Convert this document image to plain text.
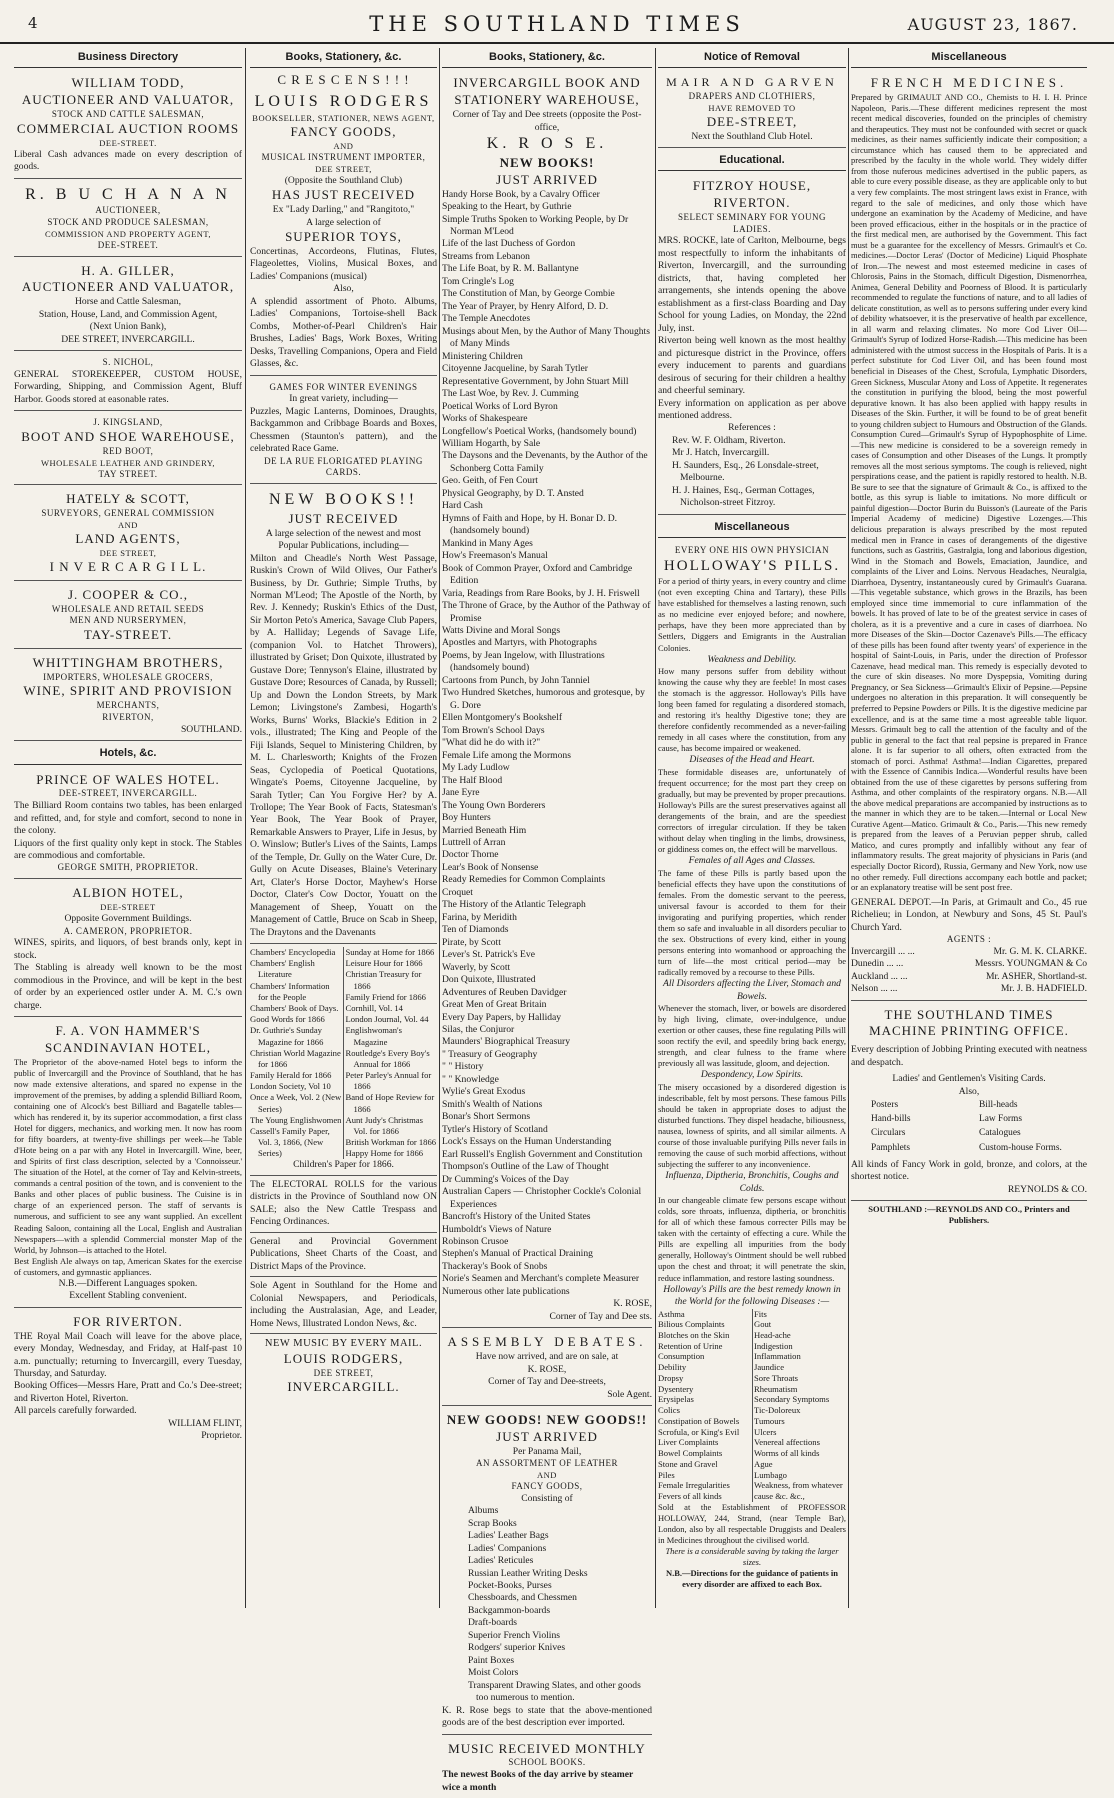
4	THE SOUTHLAND TIMES	AUGUST 23, 1867.
Business Directory
WILLIAM TODD,
AUCTIONEER AND VALUATOR,
STOCK AND CATTLE SALESMAN,
COMMERCIAL AUCTION ROOMS
DEE-STREET.
Liberal Cash advances made on every description of goods.
R. B U C H A N A N
AUCTIONEER,
STOCK AND PRODUCE SALESMAN,
COMMISSION AND PROPERTY AGENT,
DEE-STREET.
H. A. GILLER,
AUCTIONEER AND VALUATOR,
Horse and Cattle Salesman,
Station, House, Land, and Commission Agent,
(Next Union Bank),
DEE STREET, INVERCARGILL.
S. NICHOL,
GENERAL STOREKEEPER, CUSTOM HOUSE, Forwarding, Shipping, and Commission Agent, Bluff Harbor. Goods stored at easonable rates.
J. KINGSLAND,
BOOT AND SHOE WAREHOUSE,
RED BOOT,
WHOLESALE LEATHER AND GRINDERY,
TAY STREET.
HATELY & SCOTT,
SURVEYORS, GENERAL COMMISSION
AND
LAND AGENTS,
DEE STREET,
I N V E R C A R G I L L.
J. COOPER & CO.,
WHOLESALE AND RETAIL SEEDS
MEN AND NURSERYMEN,
TAY-STREET.
WHITTINGHAM BROTHERS,
IMPORTERS, WHOLESALE GROCERS,
WINE, SPIRIT AND PROVISION
MERCHANTS,
RIVERTON,
SOUTHLAND.
Hotels, &c.
PRINCE OF WALES HOTEL.
DEE-STREET, INVERCARGILL.
The Billiard Room contains two tables, has been enlarged and refitted, and, for style and comfort, second to none in the colony.
Liquors of the first quality only kept in stock. The Stables are commodious and comfortable.
GEORGE SMITH, PROPRIETOR.
ALBION HOTEL,
DEE-STREET
Opposite Government Buildings.
A. CAMERON, PROPRIETOR.
WINES, spirits, and liquors, of best brands only, kept in stock.
The Stabling is already well known to be the most commodious in the Province, and will be kept in the best of order by an experienced ostler under A. M. C.'s own charge.
F. A. VON HAMMER'S
SCANDINAVIAN HOTEL,
The Proprietor of the above-named Hotel begs to inform the public of Invercargill and the Province of Southland, that he has now made extensive alterations, and spared no expense in the improvement of the premises, by adding a splendid Billiard Room, containing one of Alcock's best Billiard and Bagatelle tables—which has rendered it, by its superior accommodation, a first class Hotel for diggers, mechanics, and working men. It now has room for fifty boarders, at twenty-five shillings per week—he Table d'Hote being on a par with any Hotel in Invercargill. Wine, beer, and Spirits of first class description, selected by a 'Connoisseur.' The situation of the Hotel, at the corner of Tay and Kelvin-streets, commands a central position of the town, and is convenient to the Banks and other places of public business. The Cuisine is in charge of an experienced person. The staff of servants is numerous, and sufficient to see any want supplied. An excellent Reading Saloon, containing all the Local, English and Australian Newspapers—with a splendid Commercial monster Map of the World, by Johnson—is attached to the Hotel.
Best English Ale always on tap, American Skates for the exercise of customers, and gymnastic appliances.
N.B.—Different Languages spoken.
Excellent Stabling convenient.
FOR RIVERTON.
THE Royal Mail Coach will leave for the above place, every Monday, Wednesday, and Friday, at Half-past 10 a.m. punctually; returning to Invercargill, every Tuesday, Thursday, and Saturday.
Booking Offices—Messrs Hare, Pratt and Co.'s Dee-street; and Riverton Hotel, Riverton.
All parcels carefully forwarded.
WILLIAM FLINT,
Proprietor.
Books, Stationery, &c.
C R E S C E N S ! ! !
LOUIS RODGERS
BOOKSELLER, STATIONER, NEWS AGENT,
FANCY GOODS,
AND
MUSICAL INSTRUMENT IMPORTER,
DEE STREET,
(Opposite the Southland Club)
HAS JUST RECEIVED
Ex "Lady Darling," and "Rangitoto,"
A large selection of
SUPERIOR TOYS,
Concertinas, Accordeons, Flutinas, Flutes, Flageolettes, Violins, Musical Boxes, and Ladies' Companions (musical)
Also,
A splendid assortment of Photo. Albums, Ladies' Companions, Tortoise-shell Back Combs, Mother-of-Pearl Children's Hair Brushes, Ladies' Bags, Work Boxes, Writing Desks, Travelling Companions, Opera and Field Glasses, &c.
GAMES FOR WINTER EVENINGS
In great variety, including—
Puzzles, Magic Lanterns, Dominoes, Draughts, Backgammon and Cribbage Boards and Boxes, Chessmen (Staunton's pattern), and the celebrated Race Game.
DE LA RUE FLORIGATED PLAYING
CARDS.
NEW BOOKS!!
JUST RECEIVED
A large selection of the newest and most Popular Publications, including—
Milton and Cheadle's North West Passage, Ruskin's Crown of Wild Olives, Our Father's Business, by Dr. Guthrie; Simple Truths, by Norman M'Leod; The Apostle of the North, by Rev. J. Kennedy; Ruskin's Ethics of the Dust, Sir Morton Peto's America, Savage Club Papers, by A. Halliday; Legends of Savage Life, (companion Vol. to Hatchet Throwers), illustrated by Griset; Don Quixote, illustrated by Gustave Dore; Tennyson's Elaine, illustrated by Gustave Dore; Resources of Canada, by Russell; Up and Down the London Streets, by Mark Lemon; Livingstone's Zambesi, Hogarth's Works, Burns' Works, Blackie's Edition in 2 vols., illustrated; The King and People of the Fiji Islands, Sequel to Ministering Children, by M. L. Charlesworth; Knights of the Frozen Seas, Cyclopedia of Poetical Quotations, Wingate's Poems, Citoyenne Jacqueline, by Sarah Tytler; Can You Forgive Her? by A. Trollope; The Year Book of Facts, Statesman's Year Book, The Year Book of Prayer, Remarkable Answers to Prayer, Life in Jesus, by O. Winslow; Butler's Lives of the Saints, Lamps of the Temple, Dr. Gully on the Water Cure, Dr. Gully on Acute Diseases, Blaine's Veterinary Art, Clater's Horse Doctor, Mayhew's Horse Doctor, Clater's Cow Doctor, Youatt on the Management of Sheep, Youatt on the Management of Cattle, Bruce on Scab in Sheep, The Draytons and the Davenants
Chambers' Encyclopedia
Chambers' English Literature
Chambers' Information for the People
Chambers' Book of Days.
Good Words for 1866
Dr. Guthrie's Sunday Magazine for 1866
Christian World Magazine for 1866
Family Herald for 1866
London Society, Vol 10
Once a Week, Vol. 2 (New Series)
The Young Englishwomen
Cassell's Family Paper, Vol. 3, 1866, (New Series)
Sunday at Home for 1866
Leisure Hour for 1866
Christian Treasury for 1866
Family Friend for 1866
Cornhill, Vol. 14
London Journal, Vol. 44
Englishwoman's Magazine
Routledge's Every Boy's Annual for 1866
Peter Parley's Annual for 1866
Band of Hope Review for 1866
Aunt Judy's Christmas Vol. for 1866
British Workman for 1866
Happy Home for 1866
Children's Paper for 1866.
The ELECTORAL ROLLS for the various districts in the Province of Southland now ON SALE; also the New Cattle Trespass and Fencing Ordinances.
General and Provincial Government Publications, Sheet Charts of the Coast, and District Maps of the Province.
Sole Agent in Southland for the Home and Colonial Newspapers, and Periodicals, including the Australasian, Age, and Leader, Home News, Illustrated London News, &c.
NEW MUSIC BY EVERY MAIL.
LOUIS RODGERS,
DEE STREET,
INVERCARGILL.
Books, Stationery, &c.
INVERCARGILL BOOK AND
STATIONERY WAREHOUSE,
Corner of Tay and Dee streets (opposite the Post-office,
K. R O S E.
NEW BOOKS!
JUST ARRIVED
Handy Horse Book, by a Cavalry Officer
Speaking to the Heart, by Guthrie
Simple Truths Spoken to Working People, by Dr Norman M'Leod
Life of the last Duchess of Gordon
Streams from Lebanon
The Life Boat, by R. M. Ballantyne
Tom Cringle's Log
The Constitution of Man, by George Combie
The Year of Prayer, by Henry Alford, D. D.
The Temple Anecdotes
Musings about Men, by the Author of Many Thoughts of Many Minds
Ministering Children
Citoyenne Jacqueline, by Sarah Tytler
Representative Government, by John Stuart Mill
The Last Woe, by Rev. J. Cumming
Poetical Works of Lord Byron
Works of Shakespeare
Longfellow's Poetical Works, (handsomely bound)
William Hogarth, by Sale
The Daysons and the Devenants, by the Author of the Schonberg Cotta Family
Geo. Geith, of Fen Court
Physical Geography, by D. T. Ansted
Hard Cash
Hymns of Faith and Hope, by H. Bonar D. D. (handsomely bound)
Mankind in Many Ages
How's Freemason's Manual
Book of Common Prayer, Oxford and Cambridge Edition
Varia, Readings from Rare Books, by J. H. Friswell
The Throne of Grace, by the Author of the Pathway of Promise
Watts Divine and Moral Songs
Apostles and Martyrs, with Photographs
Poems, by Jean Ingelow, with Illustrations (handsomely bound)
Cartoons from Punch, by John Tanniel
Two Hundred Sketches, humorous and grotesque, by G. Dore
Ellen Montgomery's Bookshelf
Tom Brown's School Days
"What did he do with it?"
Female Life among the Mormons
My Lady Ludlow
The Half Blood
Jane Eyre
The Young Own Borderers
Boy Hunters
Married Beneath Him
Luttrell of Arran
Doctor Thorne
Lear's Book of Nonsense
Ready Remedies for Common Complaints
Croquet
The History of the Atlantic Telegraph
Farina, by Meridith
Ten of Diamonds
Pirate, by Scott
Lever's St. Patrick's Eve
Waverly, by Scott
Don Quixote, Illustrated
Adventures of Reuben Davidger
Great Men of Great Britain
Every Day Papers, by Halliday
Silas, the Conjuror
Maunders' Biographical Treasury
" Treasury of Geography
" " History
" " Knowledge
Wylie's Great Exodus
Smith's Wealth of Nations
Bonar's Short Sermons
Tytler's History of Scotland
Lock's Essays on the Human Understanding
Earl Russell's English Government and Constitution
Thompson's Outline of the Law of Thought
Dr Cumming's Voices of the Day
Australian Capers — Christopher Cockle's Colonial Experiences
Bancroft's History of the United States
Humboldt's Views of Nature
Robinson Crusoe
Stephen's Manual of Practical Draining
Thackeray's Book of Snobs
Norie's Seamen and Merchant's complete Measurer
Numerous other late publications
K. ROSE,
Corner of Tay and Dee sts.
ASSEMBLY DEBATES.
Have now arrived, and are on sale, at
K. ROSE,
Corner of Tay and Dee-streets,
Sole Agent.
NEW GOODS! NEW GOODS!!
JUST ARRIVED
Per Panama Mail,
AN ASSORTMENT OF LEATHER
AND
FANCY GOODS,
Consisting of
Albums
Scrap Books
Ladies' Leather Bags
Ladies' Companions
Ladies' Reticules
Russian Leather Writing Desks
Pocket-Books, Purses
Chessboards, and Chessmen
Backgammon-boards
Draft-boards
Superior French Violins
Rodgers' superior Knives
Paint Boxes
Moist Colors
Transparent Drawing Slates, and other goods too numerous to mention.
K. R. Rose begs to state that the above-mentioned goods are of the best description ever imported.
MUSIC RECEIVED MONTHLY
SCHOOL BOOKS.
The newest Books of the day arrive by steamer
wice a month
Notice of Removal
MAIR AND GARVEN
DRAPERS AND CLOTHIERS,
HAVE REMOVED TO
DEE-STREET,
Next the Southland Club Hotel.
Educational.
FITZROY HOUSE, RIVERTON.
SELECT SEMINARY FOR YOUNG LADIES.
MRS. ROCKE, late of Carlton, Melbourne, begs most respectfully to inform the inhabitants of Riverton, Invercargill, and the surrounding districts, that, having completed her arrangements, she intends opening the above establishment as a first-class Boarding and Day School for young Ladies, on Monday, the 22nd July, inst.
Riverton being well known as the most healthy and picturesque district in the Province, offers every inducement to parents and guardians desirous of securing for their children a healthy and cheerful seminary.
Every information on application as per above mentioned address.
References :
Rev. W. F. Oldham, Riverton.
Mr J. Hatch, Invercargill.
H. Saunders, Esq., 26 Lonsdale-street, Melbourne.
H. J. Haines, Esq., German Cottages, Nicholson-street Fitzroy.
Miscellaneous
EVERY ONE HIS OWN PHYSICIAN
HOLLOWAY'S PILLS.
For a period of thirty years, in every country and clime (not even excepting China and Tartary), these Pills have established for themselves a lasting renown, such as no medicine ever enjoyed before; and nowhere, perhaps, have they been more appreciated than by Settlers, Diggers and Emigrants in the Australian Colonies.
Weakness and Debility.
How many persons suffer from debility without knowing the cause why they are feeble! In most cases the stomach is the aggressor. Holloway's Pills have long been famed for regulating a disordered stomach, and restoring it's healthy Digestive tone; they are therefore confidently recommended as a never-failing remedy in all cases where the constitution, from any cause, has become impaired or weakened.
Diseases of the Head and Heart.
These formidable diseases are, unfortunately of frequent occurrence; for the most part they creep on gradually, but may be prevented by proper precautions. Holloway's Pills are the surest preservatives against all derangements of the brain, and are the speediest correctors of irregular circulation. If they be taken without delay when tingling in the limbs, drowsiness, or giddiness comes on, the effect will be marvellous.
Females of all Ages and Classes.
The fame of these Pills is partly based upon the beneficial effects they have upon the constitutions of females. From the domestic servant to the peeress, universal favour is accorded to them for their invigorating and purifying properties, which render them so safe and invaluable in all disorders peculiar to the sex. Obstructions of every kind, either in young persons entering into womanhood or approaching the turn of life—the most critical period—may be radically removed by a recourse to these Pills.
All Disorders affecting the Liver, Stomach and Bowels.
Whenever the stomach, liver, or bowels are disordered by high living, climate, over-indulgence, undue exertion or other causes, these fine regulating Pills will soon rectify the evil, and speedily bring back energy, strength, and clear fulness to the frame where previously all was lassitude, gloom, and dejection.
Despondency, Low Spirits.
The misery occasioned by a disordered digestion is indescribable, felt by most persons. These famous Pills should be taken in appropriate doses to adjust the disturbed functions. They dispel headache, biliousness, nausea, lowness of spirits, and all similar ailments. A course of those invaluable purifying Pills never fails in removing the cause of such morbid affections, without subjecting the sufferer to any inconvenience.
Influenza, Diptheria, Bronchitis, Coughs and Colds.
In our changeable climate few persons escape without colds, sore throats, influenza, diptheria, or bronchitis for all of which these famous correcter Pills may be taken with the certainty of effecting a cure. While the Pills are expelling all impurities from the body generally, Holloway's Ointment should be well rubbed upon the chest and throat; it will penetrate the skin, reduce inflammation, and restore lasting soundness.
Holloway's Pills are the best remedy known in the World for the following Diseases :—
Asthma
Bilious Complaints
Blotches on the Skin
Retention of Urine
Consumption
Debility
Dropsy
Dysentery
Erysipelas
Colics
Constipation of Bowels
Scrofula, or King's Evil
Liver Complaints
Bowel Complaints
Stone and Gravel
Piles
Female Irregularities
Fevers of all kinds
Fits
Gout
Head-ache
Indigestion
Inflammation
Jaundice
Sore Throats
Rheumatism
Secondary Symptoms
Tic-Doloreux
Tumours
Ulcers
Venereal affections
Worms of all kinds
Ague
Lumbago
Weakness, from whatever cause &c. &c.,
Sold at the Establishment of PROFESSOR HOLLOWAY, 244, Strand, (near Temple Bar), London, also by all respectable Druggists and Dealers in Medicines throughout the civilised world.
There is a considerable saving by taking the larger sizes.
N.B.—Directions for the guidance of patients in every disorder are affixed to each Box.
Miscellaneous
FRENCH MEDICINES.
Prepared by GRIMAULT AND CO., Chemists to H. I. H. Prince Napoleon, Paris.—These different medicines represent the most recent medical discoveries, founded on the principles of chemistry and therapeutics. They must not be confounded with secret or quack medicines, as their names sufficiently indicate their composition; a circumstance which has caused them to be appreciated and prescribed by the faculty in the whole world. They widely differ from those nuferous medicines advertised in the public papers, as able to cure every possible disease, as they are applicable only to but a very few complaints. The most stringent laws exist in France, with regard to the sale of medicines, and only those which have undergone an examination by the Academy of Medicine, and have been proved efficacious, either in the hospitals or in the practice of the first medical men, are authorised by the Government. This fact must be a guarantee for the excellency of Messrs. Grimault's et Co. medicines.—Doctor Leras' (Doctor of Medicine) Liquid Phosphate of Iron.—The newest and most esteemed medicine in cases of Chlorosis, Pains in the Stomach, difficult Digestion, Dismenorrhea, Animea, General Debility and Poorness of Blood. It is particularly recommended to regulate the functions of nature, and to all ladies of delicate constitution, as well as to persons suffering under every kind of debility whatsoever, it is the preservative of health par excellence, in all warm and relaxing climates. No more Cod Liver Oil—Grimault's Syrup of Iodized Horse-Radish.—This medicine has been administered with the utmost success in the Hospitals of Paris. It is a perfect substitute for Cod Liver Oil, and has been found most beneficial in Diseases of the Chest, Scrofula, Lymphatic Disorders, Green Sickness, Muscular Atony and Loss of Appetite. It regenerates the constitution in purifying the blood, being the most powerful depurative known. It has also been applied with happy results in Diseases of the Skin. Further, it will be found to be of great benefit to young children subject to Humours and Obstruction of the Glands. Consumption Cured—Grimault's Syrup of Hypophosphite of Lime.—This new medicine is considered to be a sovereign remedy in cases of Consumption and other Diseases of the Lungs. It promptly removes all the most serious symptoms. The cough is relieved, night perspirations cease, and the patient is rapidly restored to health. N.B. Be sure to see that the signature of Grimault & Co., is affixed to the bottle, as this syrup is liable to imitations. No more difficult or painful digestion—Doctor Burin du Buisson's (Laureate of the Paris Imperial Academy of medicine) Digestive Lozenges.—This delicious preparation is always prescribed by the most reputed medical men in France in cases of derangements of the digestive functions, such as Gastritis, Gastralgia, long and laborious digestion, Wind in the Stomach and Bowels, Emaciation, Jaundice, and complaints of the Liver and Loins. Nervous Headaches, Neuralgia, Diarrhoea, Dysentry, instantaneously cured by Grimault's Guarana.—This vegetable substance, which grows in the Brazils, has been employed since time immemorial to cure inflammation of the bowels. It has proved of late to be of the greatest service in cases of cholera, as it is a preventive and a cure in cases of diarrhoea. No more Diseases of the Skin—Doctor Cazenave's Pills.—The efficacy of these pills has been found after twenty years' of experience in the hospital of Saint-Louis, in Paris, under the direction of Professor Cazenave, head medical man. This remedy is especially devoted to the cure of skin diseases. No more Dyspepsia, Vomiting during Pregnancy, or Sea Sickness—Grimault's Elixir of Pepsine.—Pepsine undergoes no alteration in this preparation. It will consequently be preferred to Pepsine Powders or Pills. It is the digestive medicine par excellence, and is at the same time a most agreeable table liquor. Messrs. Grimault beg to call the attention of the faculty and of the public in general to the fact that real pepsine is prepared in France alone. It is far superior to all others, often extracted from the stomach of porci. Asthma! Asthma!—Indian Cigarettes, prepared with the Essence of Cannibis Indica.—Wonderful results have been obtained from the use of these cigarettes by persons suffering from Asthma, and other complaints of the respiratory organs. N.B.—All the above medical preparations are accompanied by instructions as to the manner in which they are to be taken.—Internal or Local New Curative Agent—Matico. Grimault & Co., Paris.—This new remedy is prepared from the leaves of a Peruvian pepper shrub, called Matico, and cures promptly and infallibly without any fear of inflammatory results. The great majority of physicians in Paris (and especially Doctor Ricord), Russia, Germany and New York, now use no other remedy. Full directions accompany each bottle and packet; or an explanatory treatise will be sent post free.
GENERAL DEPOT.—In Paris, at Grimault and Co., 45 rue Richelieu; in London, at Newbury and Sons, 45 St. Paul's Church Yard.
AGENTS :
Invercargill ... ...	Mr. G. M. K. CLARKE.
Dunedin ... ...	Messrs. YOUNGMAN & Co
Auckland ... ...	Mr. ASHER, Shortland-st.
Nelson ... ...	Mr. J. B. HADFIELD.
THE SOUTHLAND TIMES
MACHINE PRINTING OFFICE.
Every description of Jobbing Printing executed with neatness and despatch.
Ladies' and Gentlemen's Visiting Cards.
Also,
Posters	Bill-heads
Hand-bills	Law Forms
Circulars	Catalogues
Pamphlets	Custom-house Forms.
All kinds of Fancy Work in gold, bronze, and colors, at the shortest notice.
REYNOLDS & CO.
SOUTHLAND :—REYNOLDS AND CO., Printers and Publishers.
